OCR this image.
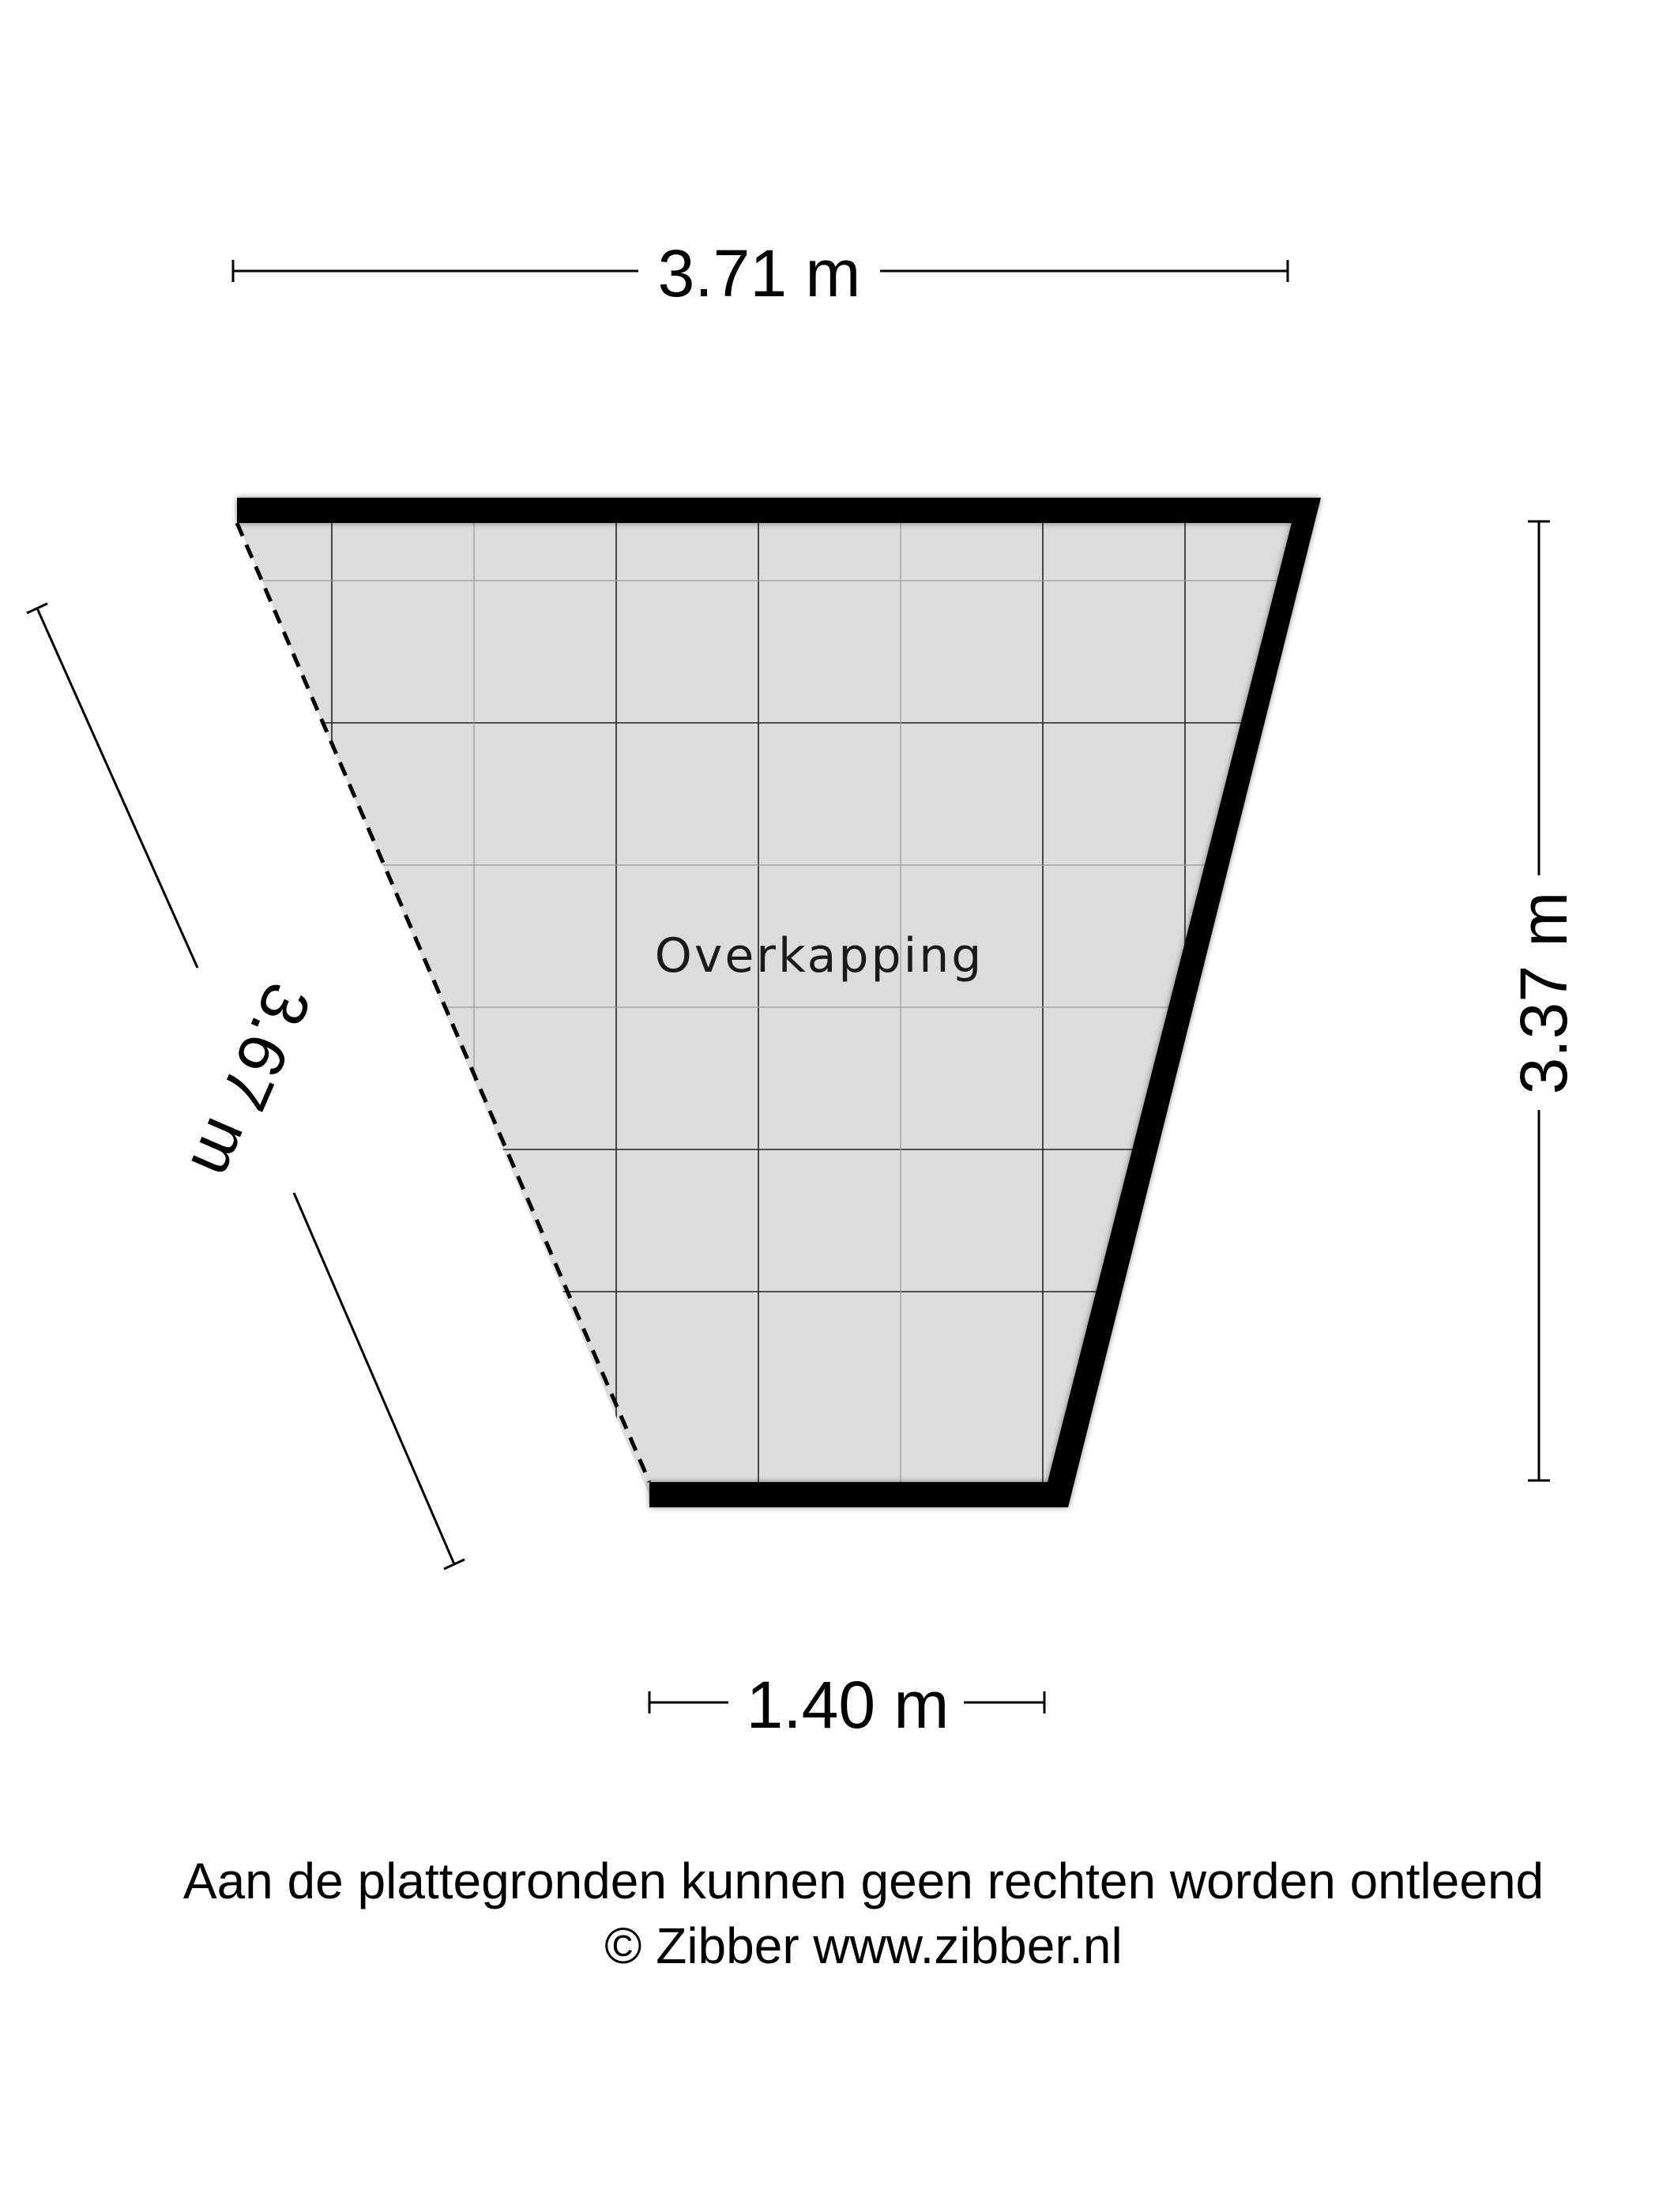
Overkapping
3.71 m
3.37 m
3.67 m
1.40 m
Aan de plattegronden kunnen geen rechten worden ontleend
© Zibber www.zibber.nl
